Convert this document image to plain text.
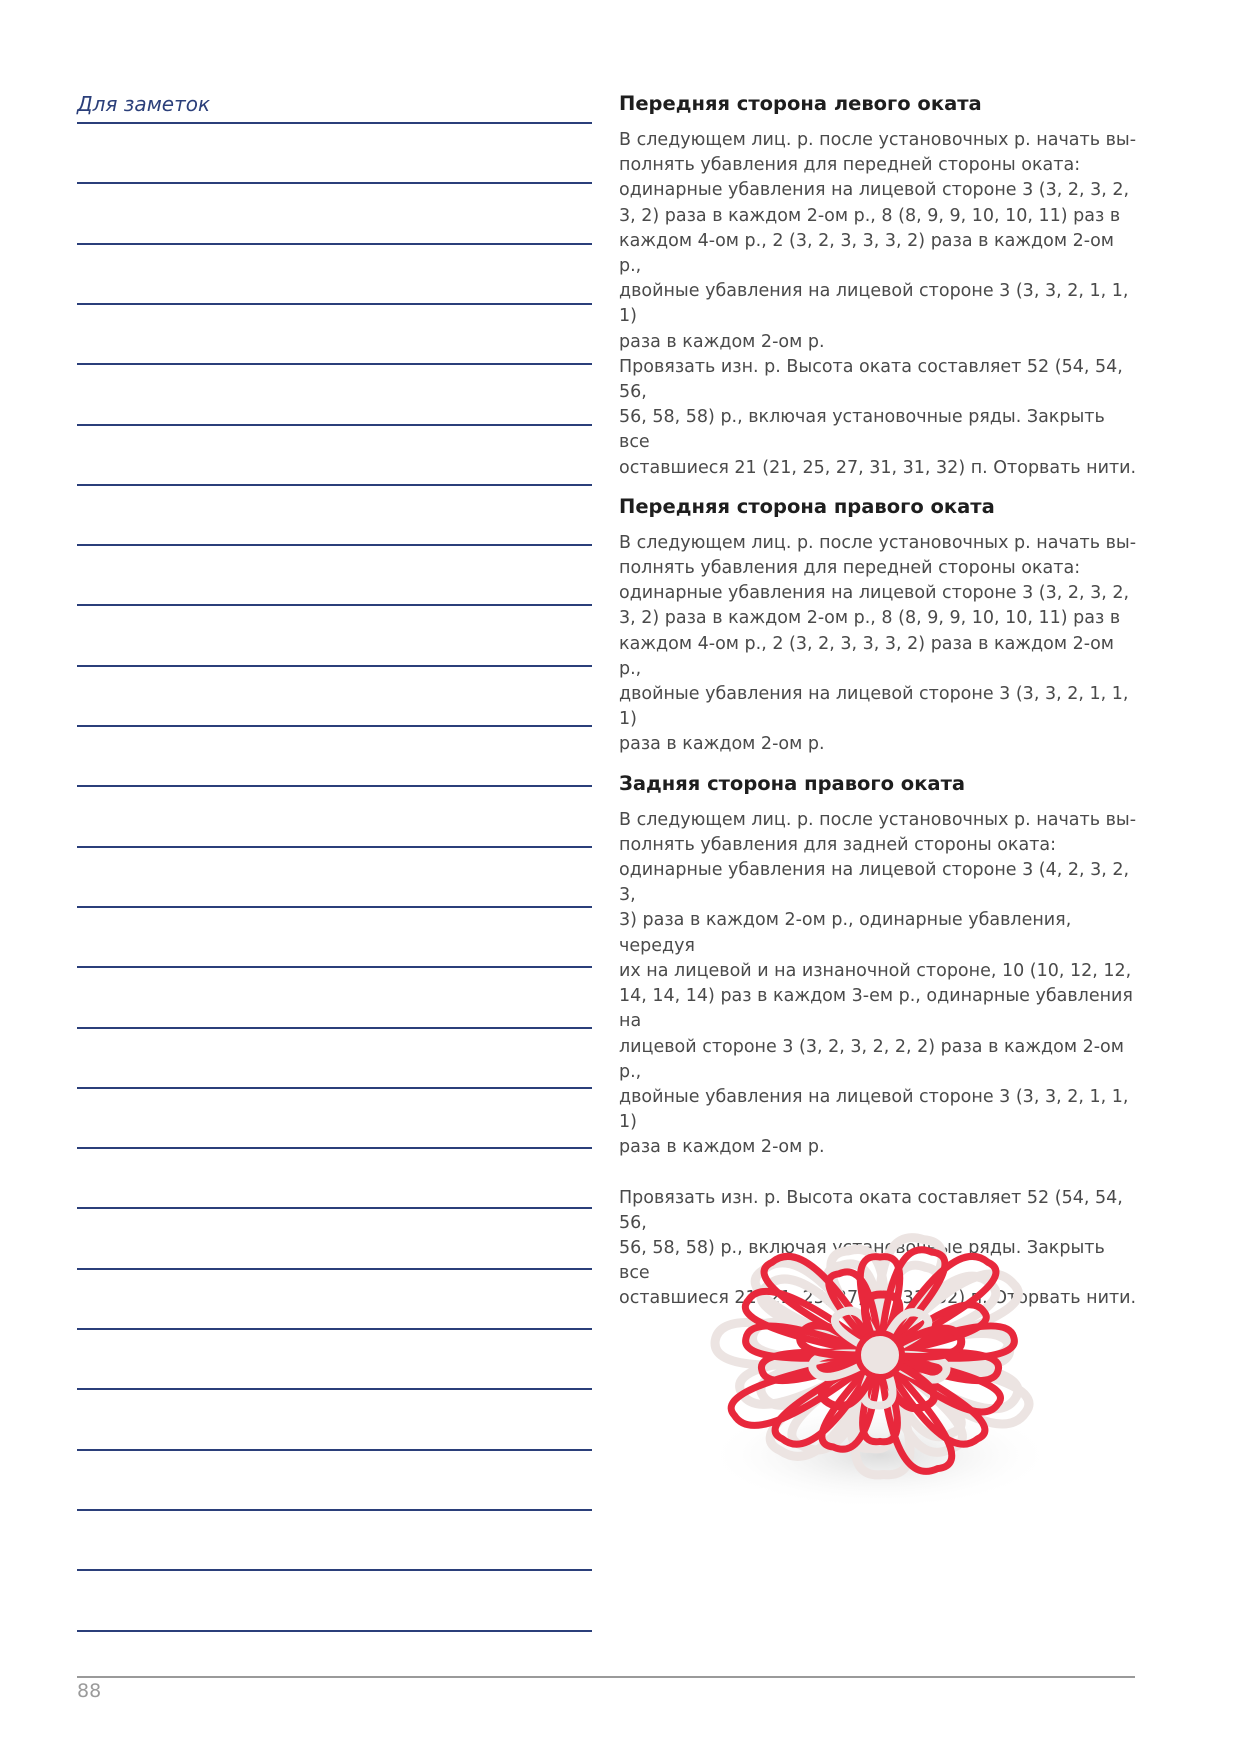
Для заметок	Передняя сторона левого оката

В следующем лиц. р. после установочных р. начать вы-
полнять убавления для передней стороны оката:
одинарные убавления на лицевой стороне 3 (3, 2, 3, 2,
3, 2) раза в каждом 2-ом р., 8 (8, 9, 9, 10, 10, 11) раз в
каждом 4-ом р., 2 (3, 2, 3, 3, 3, 2) раза в каждом 2-ом р.,
двойные убавления на лицевой стороне 3 (3, 3, 2, 1, 1, 1)
раза в каждом 2-ом р.
Провязать изн. р. Высота оката составляет 52 (54, 54, 56,
56, 58, 58) р., включая установочные ряды. Закрыть все
оставшиеся 21 (21, 25, 27, 31, 31, 32) п. Оторвать нити.

Передняя сторона правого оката

В следующем лиц. р. после установочных р. начать вы-
полнять убавления для передней стороны оката:
одинарные убавления на лицевой стороне 3 (3, 2, 3, 2,
3, 2) раза в каждом 2-ом р., 8 (8, 9, 9, 10, 10, 11) раз в
каждом 4-ом р., 2 (3, 2, 3, 3, 3, 2) раза в каждом 2-ом р.,
двойные убавления на лицевой стороне 3 (3, 3, 2, 1, 1, 1)
раза в каждом 2-ом р.

Задняя сторона правого оката

В следующем лиц. р. после установочных р. начать вы-
полнять убавления для задней стороны оката:
одинарные убавления на лицевой стороне 3 (4, 2, 3, 2, 3,
3) раза в каждом 2-ом р., одинарные убавления, чередуя
их на лицевой и на изнаночной стороне, 10 (10, 12, 12,
14, 14, 14) раз в каждом 3-ем р., одинарные убавления на
лицевой стороне 3 (3, 2, 3, 2, 2, 2) раза в каждом 2-ом р.,
двойные убавления на лицевой стороне 3 (3, 3, 2, 1, 1, 1)
раза в каждом 2-ом р.

Провязать изн. р. Высота оката составляет 52 (54, 54, 56,
56, 58, 58) р., включая установочные ряды. Закрыть все
оставшиеся 21 (21, 25, 27, 31, 31, 32) п. Оторвать нити.

88
